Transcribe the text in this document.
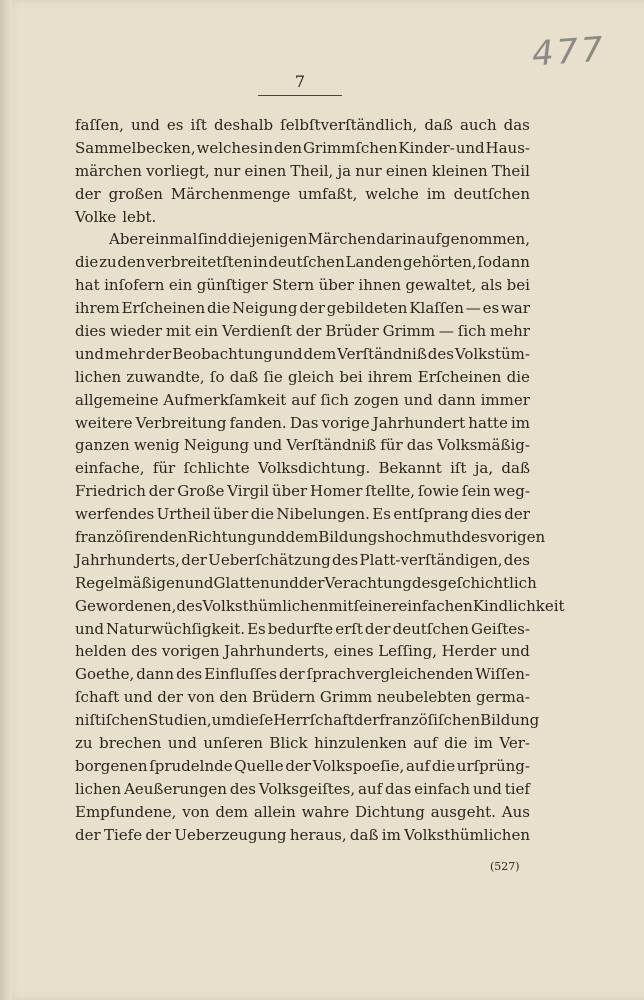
477
7
faſſen, und es iſt deshalb ſelbſtverſtändlich, daß auch das
Sammelbecken, welches in den Grimmſchen Kinder- und Haus-
märchen vorliegt, nur einen Theil, ja nur einen kleinen Theil
der großen Märchenmenge umfaßt, welche im deutſchen
Volke lebt.
Aber einmal ſind diejenigen Märchen darin aufgenommen,
die zu den verbreitetſten in deutſchen Landen gehörten, ſodann
hat inſofern ein günſtiger Stern über ihnen gewaltet, als bei
ihrem Erſcheinen die Neigung der gebildeten Klaſſen — es war
dies wieder mit ein Verdienſt der Brüder Grimm — ſich mehr
und mehr der Beobachtung und dem Verſtändniß des Volkstüm-
lichen zuwandte, ſo daß ſie gleich bei ihrem Erſcheinen die
allgemeine Aufmerkſamkeit auf ſich zogen und dann immer
weitere Verbreitung fanden. Das vorige Jahrhundert hatte im
ganzen wenig Neigung und Verſtändniß für das Volksmäßig-
einfache, für ſchlichte Volksdichtung. Bekannt iſt ja, daß
Friedrich der Große Virgil über Homer ſtellte, ſowie ſein weg-
werfendes Urtheil über die Nibelungen. Es entſprang dies der
franzöſirenden Richtung und dem Bildungshochmuth des vorigen
Jahrhunderts, der Ueberſchätzung des Platt-verſtändigen, des
Regelmäßigen und Glatten und der Verachtung des geſchichtlich
Gewordenen, des Volksthümlichen mit ſeiner einfachen Kindlichkeit
und Naturwüchſigkeit. Es bedurfte erſt der deutſchen Geiſtes-
helden des vorigen Jahrhunderts, eines Leſſing, Herder und
Goethe, dann des Einfluſſes der ſprachvergleichenden Wiſſen-
ſchaft und der von den Brüdern Grimm neubelebten germa-
niſtiſchen Studien, um dieſe Herrſchaft der franzöſiſchen Bildung
zu brechen und unſeren Blick hinzulenken auf die im Ver-
borgenen ſprudelnde Quelle der Volkspoeſie, auf die urſprüng-
lichen Aeußerungen des Volksgeiſtes, auf das einfach und tief
Empfundene, von dem allein wahre Dichtung ausgeht. Aus
der Tiefe der Ueberzeugung heraus, daß im Volksthümlichen
(527)
